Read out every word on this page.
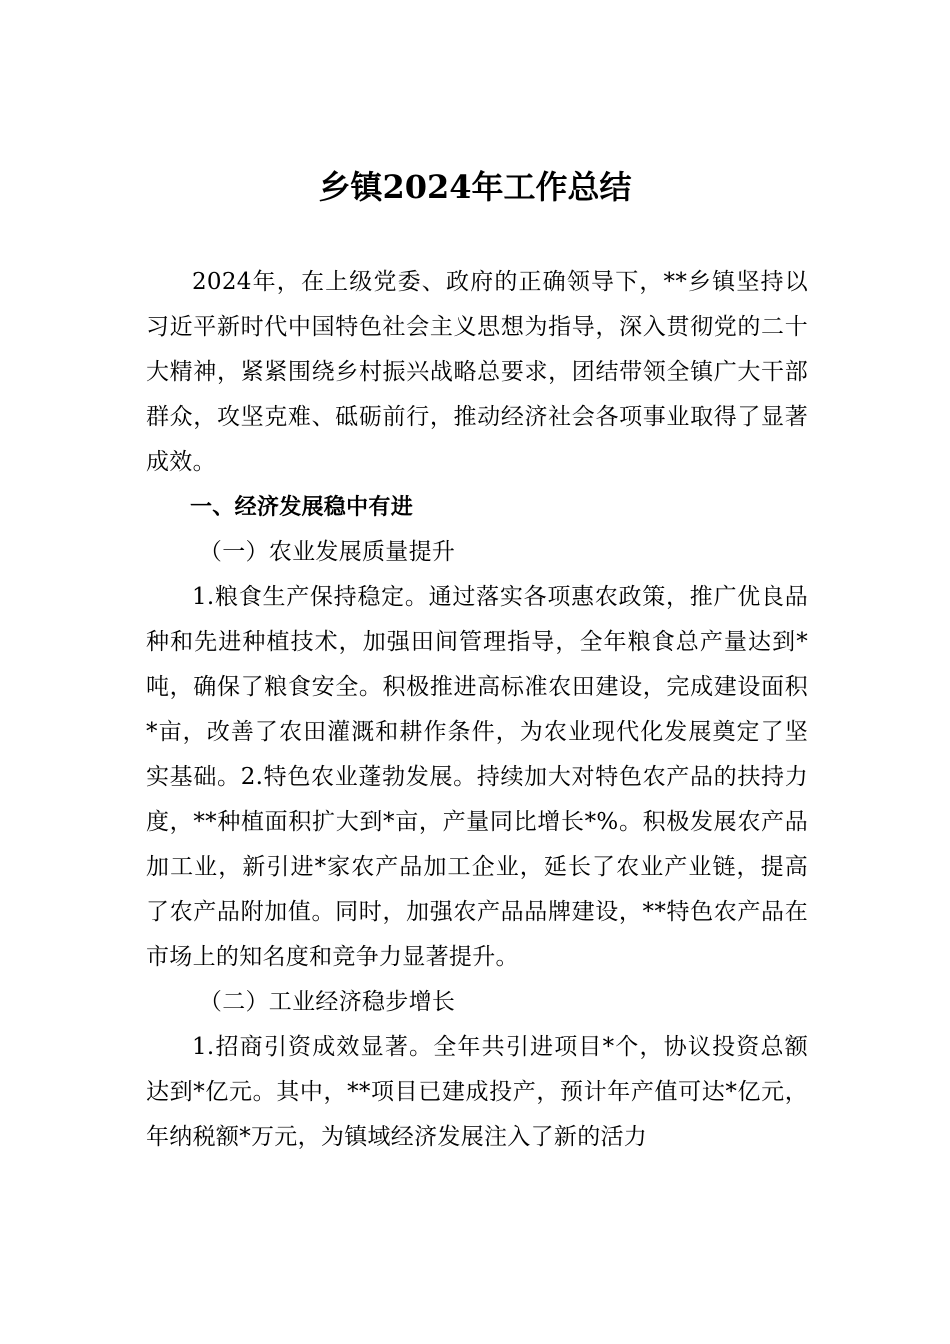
乡镇2024年工作总结

2024年，在上级党委、政府的正确领导下，**乡镇坚持以习近平新时代中国特色社会主义思想为指导，深入贯彻党的二十大精神，紧紧围绕乡村振兴战略总要求，团结带领全镇广大干部群众，攻坚克难、砥砺前行，推动经济社会各项事业取得了显著成效。

一、经济发展稳中有进

（一）农业发展质量提升

1.粮食生产保持稳定。通过落实各项惠农政策，推广优良品种和先进种植技术，加强田间管理指导，全年粮食总产量达到*吨，确保了粮食安全。积极推进高标准农田建设，完成建设面积*亩，改善了农田灌溉和耕作条件，为农业现代化发展奠定了坚实基础。2.特色农业蓬勃发展。持续加大对特色农产品的扶持力度，**种植面积扩大到*亩，产量同比增长*%。积极发展农产品加工业，新引进*家农产品加工企业，延长了农业产业链，提高了农产品附加值。同时，加强农产品品牌建设，**特色农产品在市场上的知名度和竞争力显著提升。

（二）工业经济稳步增长

1.招商引资成效显著。全年共引进项目*个，协议投资总额达到*亿元。其中，**项目已建成投产，预计年产值可达*亿元，年纳税额*万元，为镇域经济发展注入了新的活力
